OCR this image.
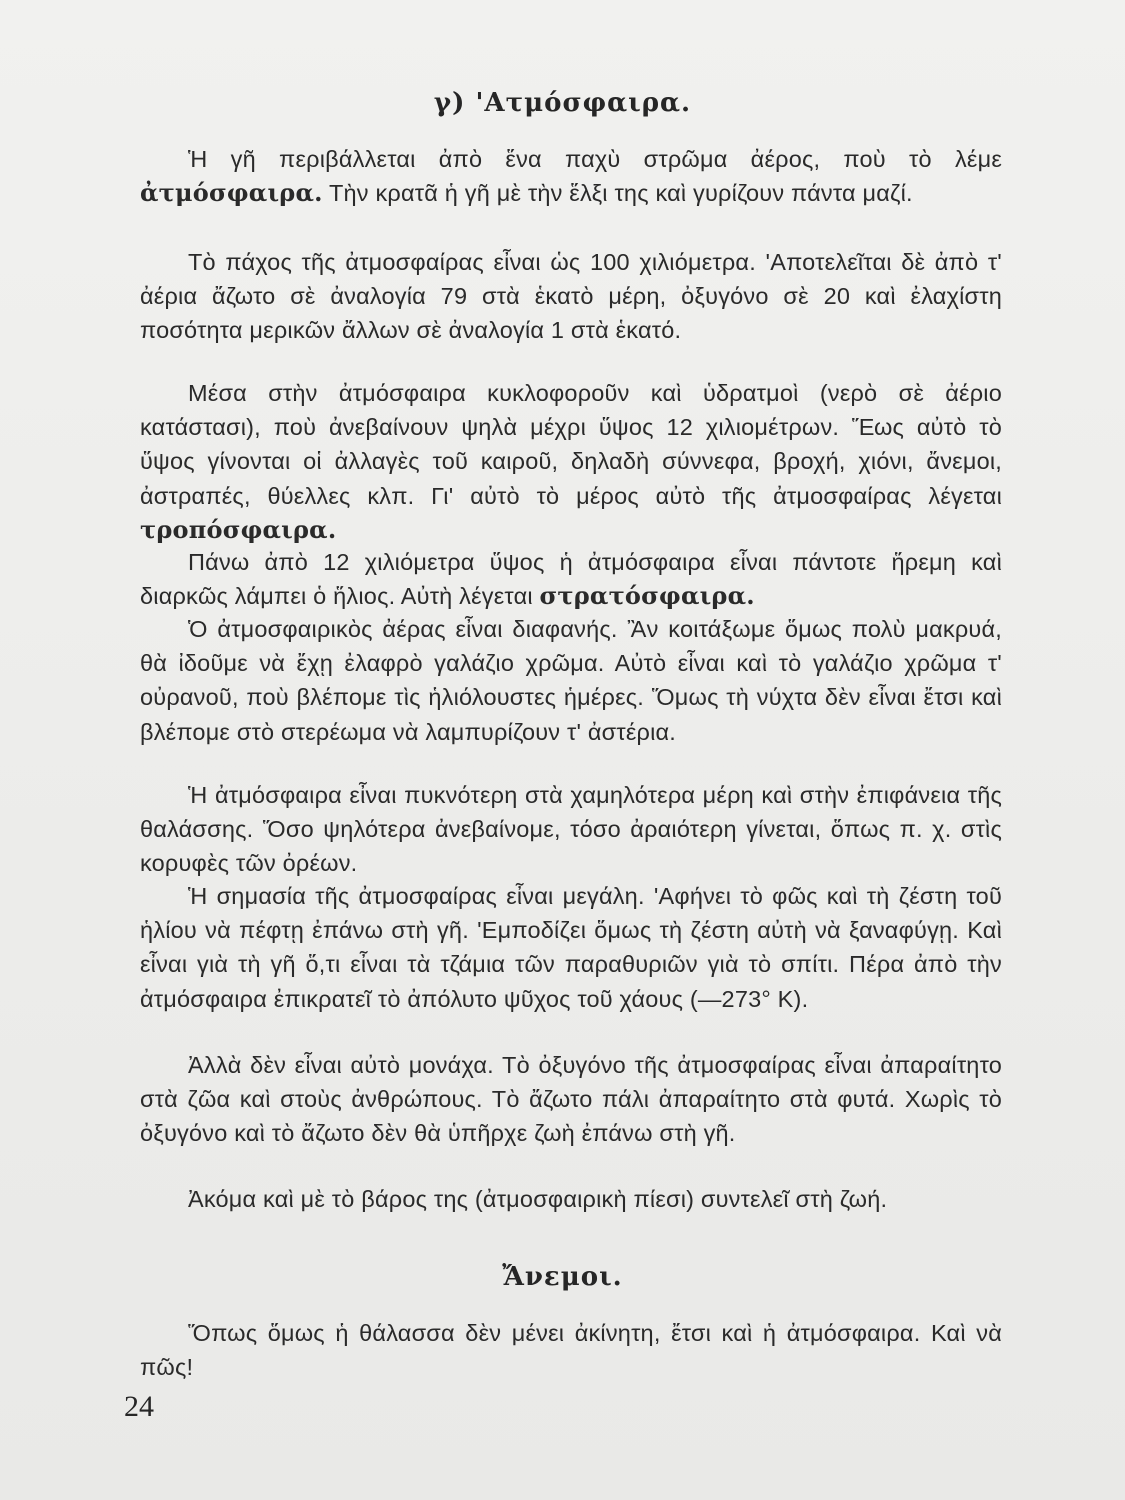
γ) 'Ατμόσφαιρα.

Ἡ γῆ περιβάλλεται ἀπὸ ἕνα παχὺ στρῶμα ἀέρος, ποὺ τὸ λέμε ἀτμόσφαιρα. Τὴν κρατᾶ ἡ γῆ μὲ τὴν ἕλξι της καὶ γυρίζουν πάντα μαζί.

Τὸ πάχος τῆς ἀτμοσφαίρας εἶναι ὡς 100 χιλιόμετρα. 'Αποτελεῖται δὲ ἀπὸ τ' ἀέρια ἄζωτο σὲ ἀναλογία 79 στὰ ἑκατὸ μέρη, ὀξυγόνο σὲ 20 καὶ ἐλαχίστη ποσότητα μερικῶν ἄλλων σὲ ἀναλογία 1 στὰ ἑκατό.

Μέσα στὴν ἀτμόσφαιρα κυκλοφοροῦν καὶ ὑδρατμοὶ (νερὸ σὲ ἀέριο κατάστασι), ποὺ ἀνεβαίνουν ψηλὰ μέχρι ὕψος 12 χιλιομέτρων. Ἕως αὐτὸ τὸ ὕψος γίνονται οἱ ἀλλαγὲς τοῦ καιροῦ, δηλαδὴ σύννεφα, βροχή, χιόνι, ἄνεμοι, ἀστραπές, θύελλες κλπ. Γι' αὐτὸ τὸ μέρος αὐτὸ τῆς ἀτμοσφαίρας λέγεται τροπόσφαιρα.

Πάνω ἀπὸ 12 χιλιόμετρα ὕψος ἡ ἀτμόσφαιρα εἶναι πάντοτε ἥρεμη καὶ διαρκῶς λάμπει ὁ ἥλιος. Αὐτὴ λέγεται στρατόσφαιρα.

Ὁ ἀτμοσφαιρικὸς ἀέρας εἶναι διαφανής. Ἂν κοιτάξωμε ὅμως πολὺ μακρυά, θὰ ἰδοῦμε νὰ ἔχῃ ἐλαφρὸ γαλάζιο χρῶμα. Αὐτὸ εἶναι καὶ τὸ γαλάζιο χρῶμα τ' οὐρανοῦ, ποὺ βλέπομε τὶς ἡλιόλουστες ἡμέρες. Ὅμως τὴ νύχτα δὲν εἶναι ἔτσι καὶ βλέπομε στὸ στερέωμα νὰ λαμπυρίζουν τ' ἀστέρια.

Ἡ ἀτμόσφαιρα εἶναι πυκνότερη στὰ χαμηλότερα μέρη καὶ στὴν ἐπιφάνεια τῆς θαλάσσης. Ὅσο ψηλότερα ἀνεβαίνομε, τόσο ἀραιότερη γίνεται, ὅπως π. χ. στὶς κορυφὲς τῶν ὀρέων.

Ἡ σημασία τῆς ἀτμοσφαίρας εἶναι μεγάλη. 'Αφήνει τὸ φῶς καὶ τὴ ζέστη τοῦ ἡλίου νὰ πέφτῃ ἐπάνω στὴ γῆ. 'Εμποδίζει ὅμως τὴ ζέστη αὐτὴ νὰ ξαναφύγῃ. Καὶ εἶναι γιὰ τὴ γῆ ὅ,τι εἶναι τὰ τζάμια τῶν παραθυριῶν γιὰ τὸ σπίτι. Πέρα ἀπὸ τὴν ἀτμόσφαιρα ἐπικρατεῖ τὸ ἀπόλυτο ψῦχος τοῦ χάους (—273° Κ).

Ἀλλὰ δὲν εἶναι αὐτὸ μονάχα. Τὸ ὀξυγόνο τῆς ἀτμοσφαίρας εἶναι ἀπαραίτητο στὰ ζῶα καὶ στοὺς ἀνθρώπους. Τὸ ἄζωτο πάλι ἀπαραίτητο στὰ φυτά. Χωρὶς τὸ ὀξυγόνο καὶ τὸ ἄζωτο δὲν θὰ ὑπῆρχε ζωὴ ἐπάνω στὴ γῆ.

Ἀκόμα καὶ μὲ τὸ βάρος της (ἀτμοσφαιρικὴ πίεσι) συντελεῖ στὴ ζωή.

Ἄνεμοι.

Ὅπως ὅμως ἡ θάλασσα δὲν μένει ἀκίνητη, ἔτσι καὶ ἡ ἀτμόσφαιρα. Καὶ νὰ πῶς!

24
